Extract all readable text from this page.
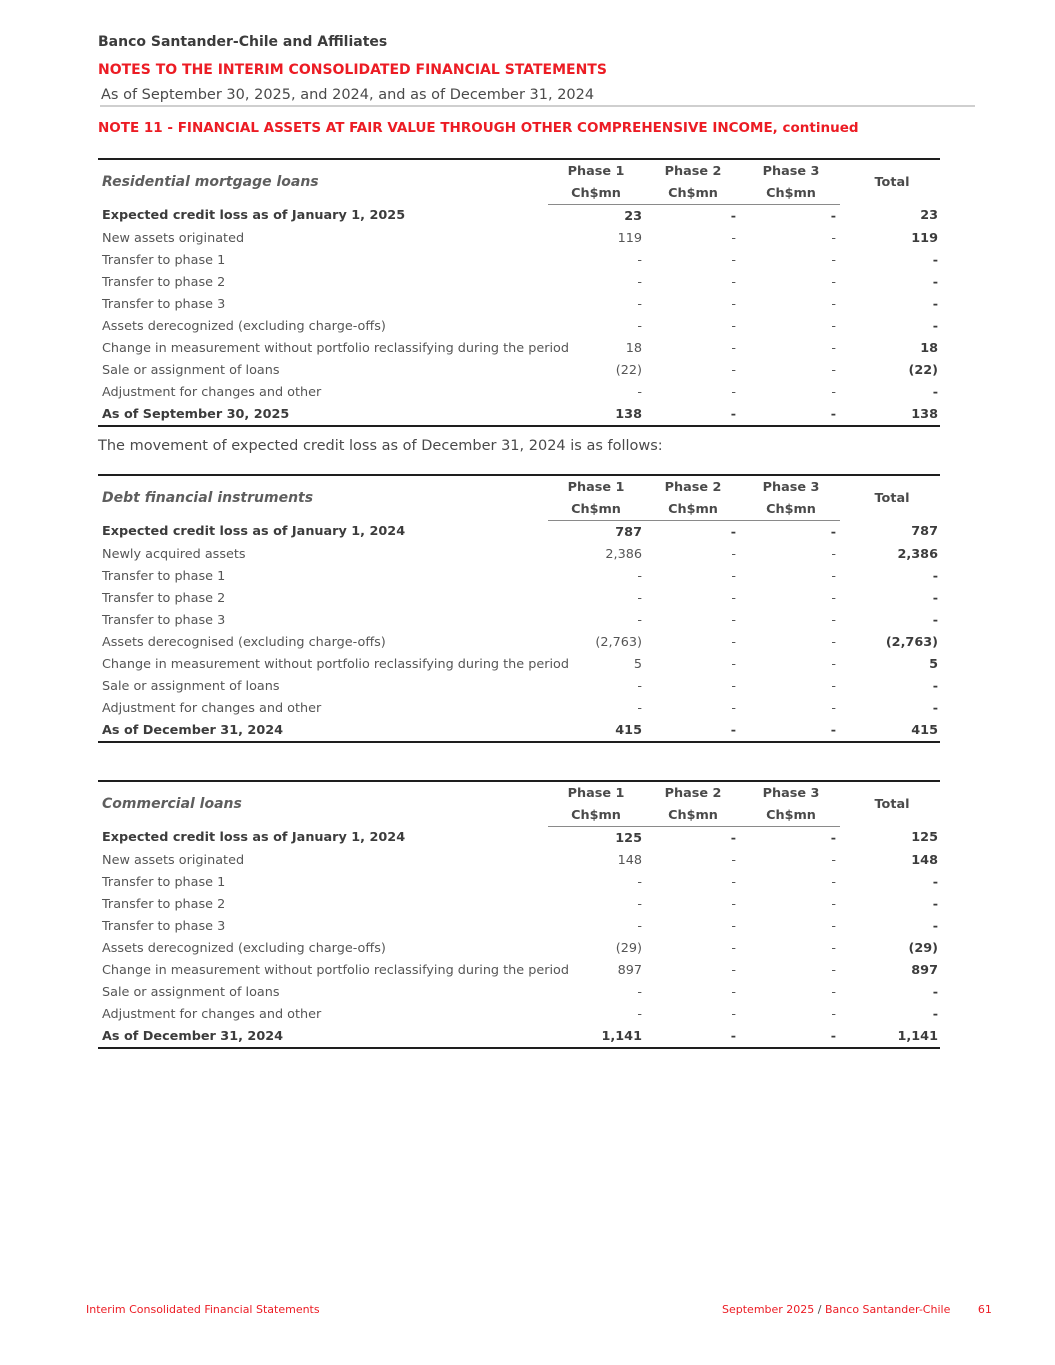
Banco Santander-Chile and Affiliates
NOTES TO THE INTERIM CONSOLIDATED FINANCIAL STATEMENTS
As of September 30, 2025, and 2024, and as of December 31, 2024
NOTE 11 - FINANCIAL ASSETS AT FAIR VALUE THROUGH OTHER COMPREHENSIVE INCOME, continued
Residential mortgage loans	Phase 1	Phase 2	Phase 3	Total
	Ch$mn	Ch$mn	Ch$mn	
Expected credit loss as of January 1, 2025	23	-	-	23
New assets originated	119	-	-	119
Transfer to phase 1	-	-	-	-
Transfer to phase 2	-	-	-	-
Transfer to phase 3	-	-	-	-
Assets derecognized (excluding charge-offs)	-	-	-	-
Change in measurement without portfolio reclassifying during the period	18	-	-	18
Sale or assignment of loans	(22)	-	-	(22)
Adjustment for changes and other	-	-	-	-
As of September 30, 2025	138	-	-	138
The movement of expected credit loss as of December 31, 2024 is as follows:
Debt financial instruments	Phase 1	Phase 2	Phase 3	Total
	Ch$mn	Ch$mn	Ch$mn	
Expected credit loss as of January 1, 2024	787	-	-	787
Newly acquired assets	2,386	-	-	2,386
Transfer to phase 1	-	-	-	-
Transfer to phase 2	-	-	-	-
Transfer to phase 3	-	-	-	-
Assets derecognised (excluding charge-offs)	(2,763)	-	-	(2,763)
Change in measurement without portfolio reclassifying during the period	5	-	-	5
Sale or assignment of loans	-	-	-	-
Adjustment for changes and other	-	-	-	-
As of December 31, 2024	415	-	-	415
Commercial loans	Phase 1	Phase 2	Phase 3	Total
	Ch$mn	Ch$mn	Ch$mn	
Expected credit loss as of January 1, 2024	125	-	-	125
New assets originated	148	-	-	148
Transfer to phase 1	-	-	-	-
Transfer to phase 2	-	-	-	-
Transfer to phase 3	-	-	-	-
Assets derecognized (excluding charge-offs)	(29)	-	-	(29)
Change in measurement without portfolio reclassifying during the period	897	-	-	897
Sale or assignment of loans	-	-	-	-
Adjustment for changes and other	-	-	-	-
As of December 31, 2024	1,141	-	-	1,141
Interim Consolidated Financial Statements	September 2025 / Banco Santander-Chile	61
